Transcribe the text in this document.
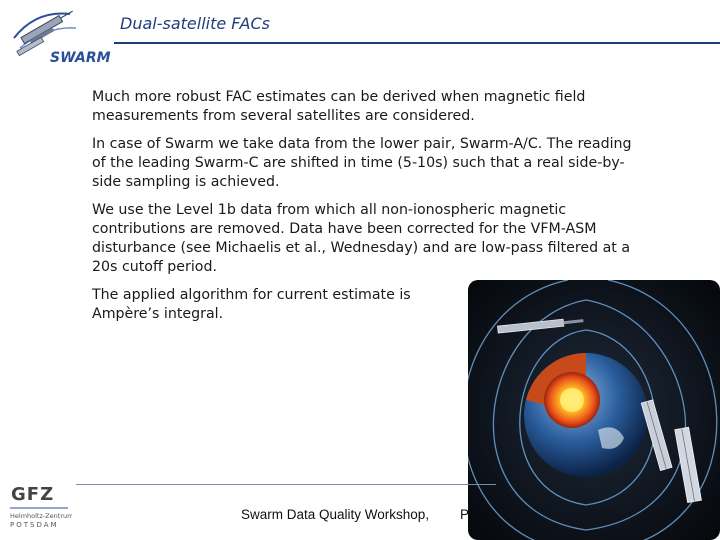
SWARM
Dual-satellite FACs

Much more robust FAC estimates can be derived when magnetic field measurements from several satellites are considered.

In case of Swarm we take data from the lower pair, Swarm-A/C. The reading of the leading Swarm-C are shifted in time (5-10s) such that a real side-by-side sampling is achieved.

We use the Level 1b data from which all non-ionospheric magnetic contributions are removed. Data have been corrected for the VFM-ASM disturbance (see Michaelis et al., Wednesday) and are low-pass filtered at a 20s cutoff period.

The applied algorithm for current estimate is Ampère’s integral.

Swarm Data Quality Workshop, P
GFZ
Helmholtz-Zentrum
POTSDAM
